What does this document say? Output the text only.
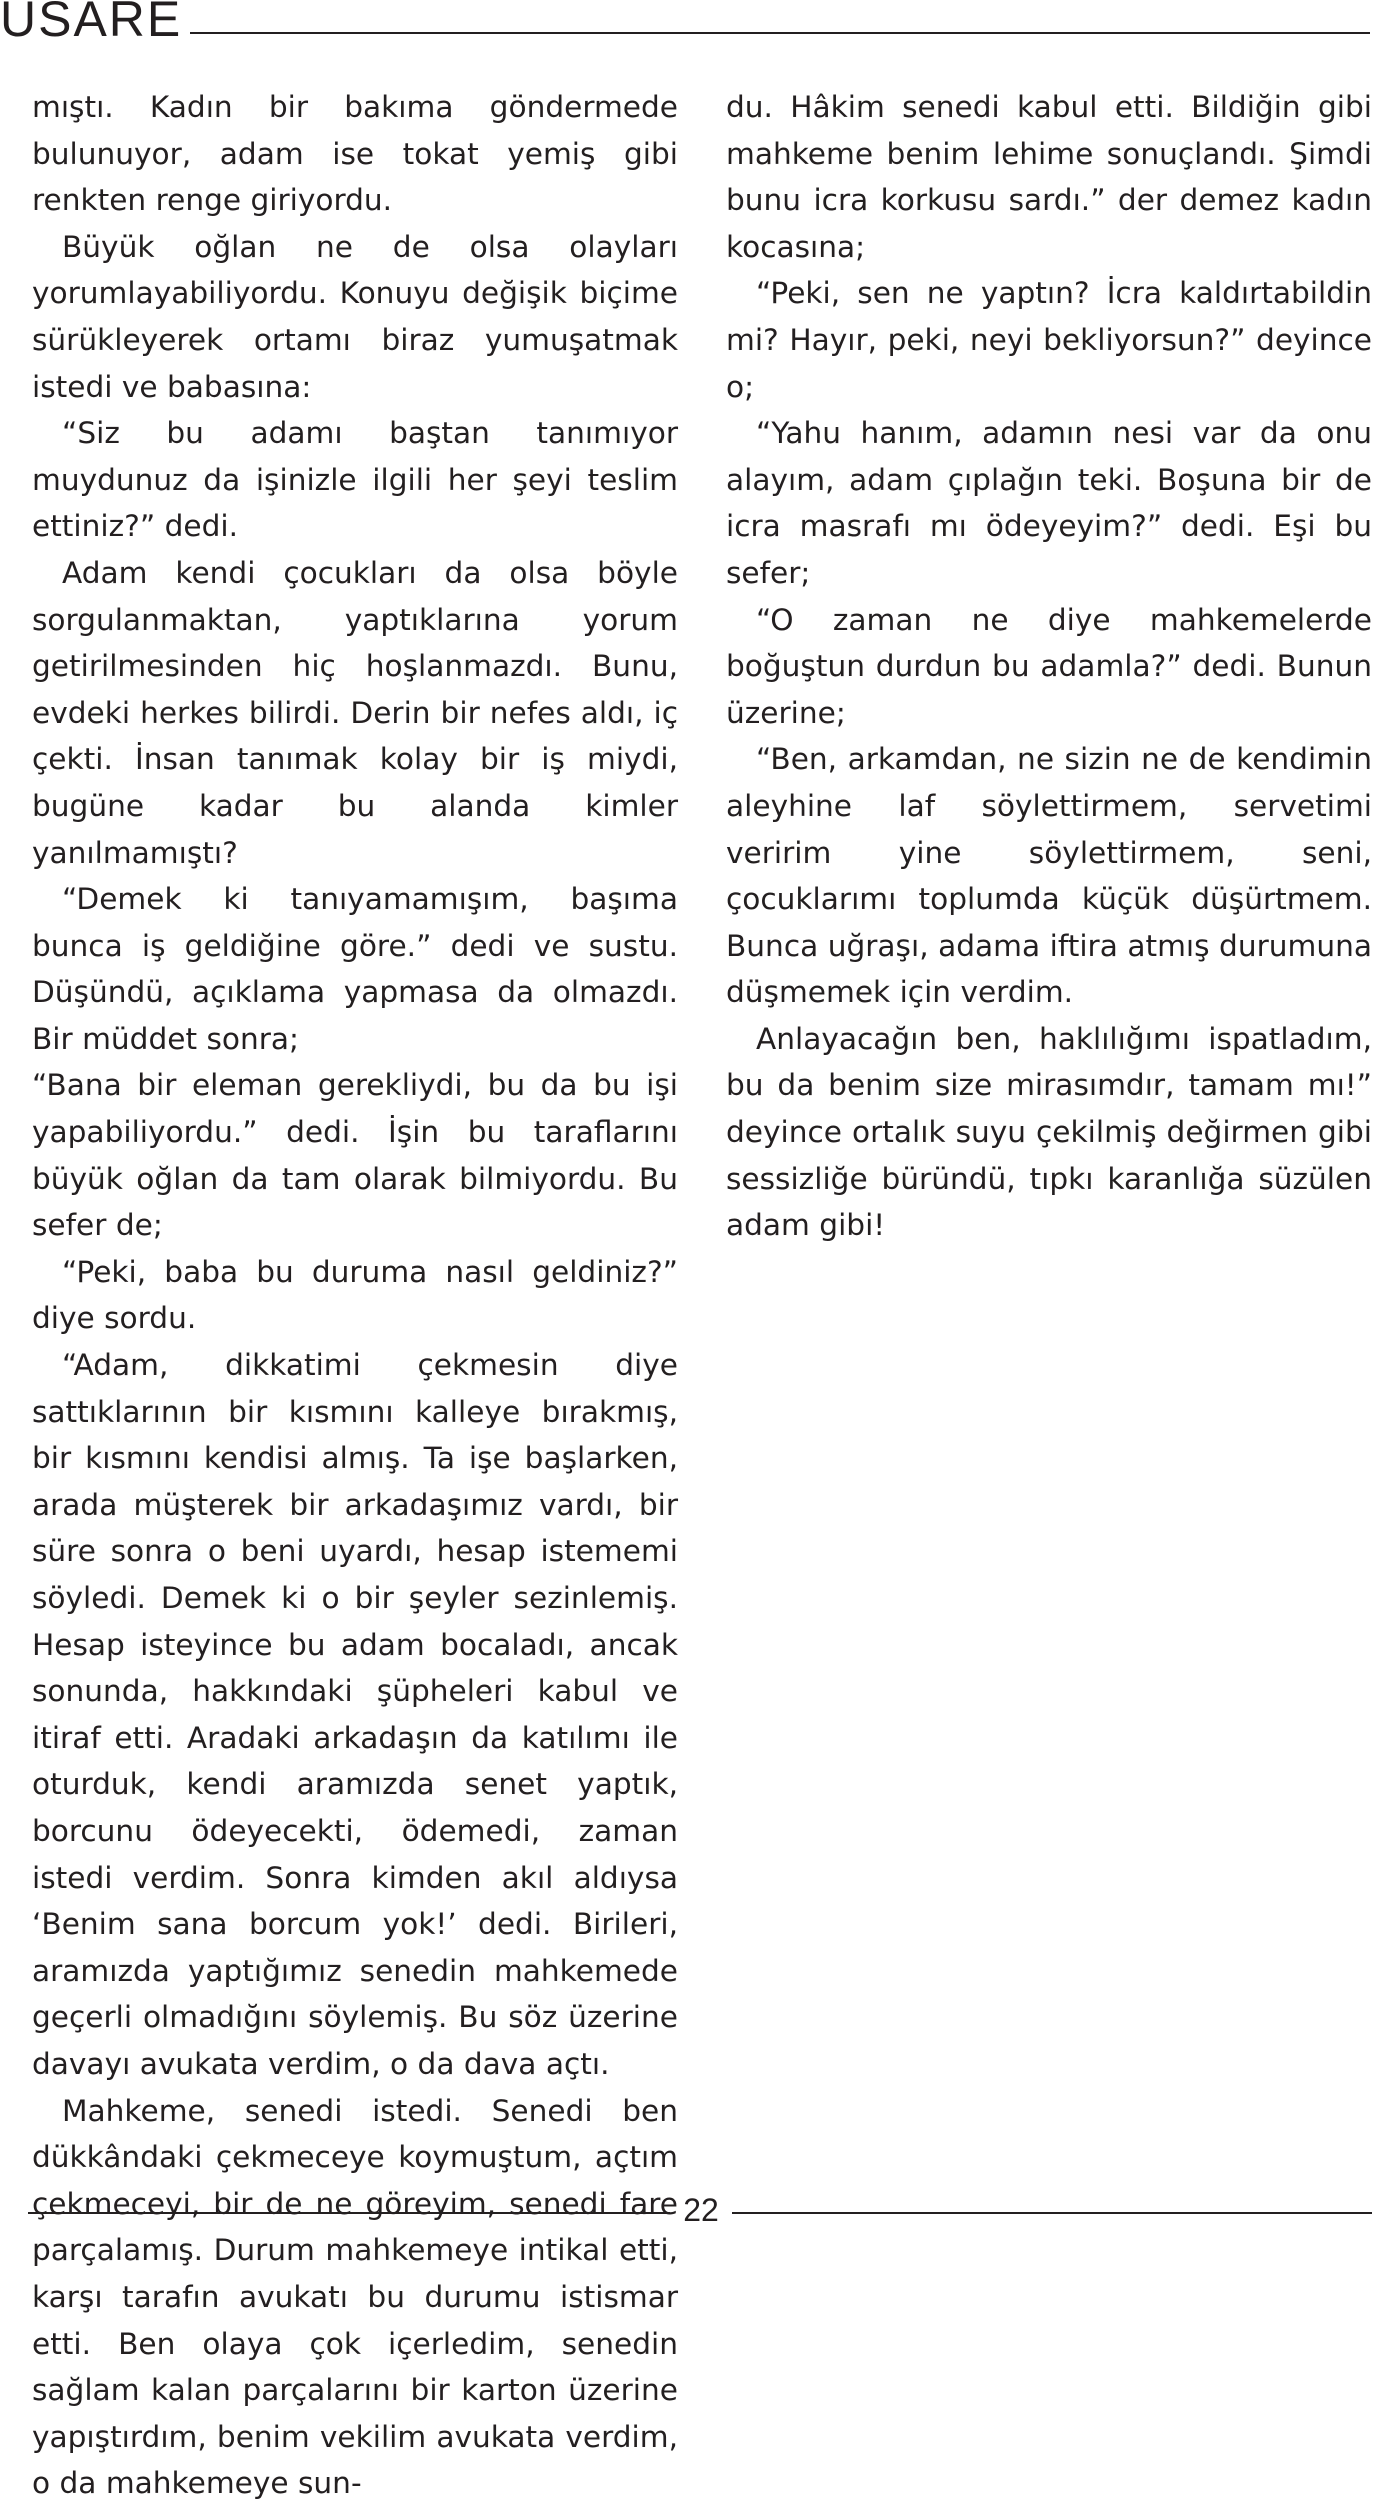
USARE

mıştı. Kadın bir bakıma göndermede bulunuyor, adam ise tokat yemiş gibi renkten renge giriyordu.

Büyük oğlan ne de olsa olayları yorumlayabiliyordu. Konuyu değişik biçime sürükleyerek ortamı biraz yumuşatmak istedi ve babasına:

“Siz bu adamı baştan tanımıyor muydunuz da işinizle ilgili her şeyi teslim ettiniz?” dedi.

Adam kendi çocukları da olsa böyle sorgulanmaktan, yaptıklarına yorum getirilmesinden hiç hoşlanmazdı. Bunu, evdeki herkes bilirdi. Derin bir nefes aldı, iç çekti. İnsan tanımak kolay bir iş miydi, bugüne kadar bu alanda kimler yanılmamıştı?

“Demek ki tanıyamamışım, başıma bunca iş geldiğine göre.” dedi ve sustu. Düşündü, açıklama yapmasa da olmazdı. Bir müddet sonra;

“Bana bir eleman gerekliydi, bu da bu işi yapabiliyordu.” dedi. İşin bu taraflarını büyük oğlan da tam olarak bilmiyordu. Bu sefer de;

“Peki, baba bu duruma nasıl geldiniz?” diye sordu.

“Adam, dikkatimi çekmesin diye sattıklarının bir kısmını kalleye bırakmış, bir kısmını kendisi almış. Ta işe başlarken, arada müşterek bir arkadaşımız vardı, bir süre sonra o beni uyardı, hesap istememi söyledi. Demek ki o bir şeyler sezinlemiş. Hesap isteyince bu adam bocaladı, ancak sonunda, hakkındaki şüpheleri kabul ve itiraf etti. Aradaki arkadaşın da katılımı ile oturduk, kendi aramızda senet yaptık, borcunu ödeyecekti, ödemedi, zaman istedi verdim. Sonra kimden akıl aldıysa ‘Benim sana borcum yok!’ dedi. Birileri, aramızda yaptığımız senedin mahkemede geçerli olmadığını söylemiş. Bu söz üzerine davayı avukata verdim, o da dava açtı.

Mahkeme, senedi istedi. Senedi ben dükkândaki çekmeceye koymuştum, açtım çekmeceyi, bir de ne göreyim, senedi fare parçalamış. Durum mahkemeye intikal etti, karşı tarafın avukatı bu durumu istismar etti. Ben olaya çok içerledim, senedin sağlam kalan parçalarını bir karton üzerine yapıştırdım, benim vekilim avukata verdim, o da mahkemeye sun-

du. Hâkim senedi kabul etti. Bildiğin gibi mahkeme benim lehime sonuçlandı. Şimdi bunu icra korkusu sardı.” der demez kadın kocasına;

“Peki, sen ne yaptın? İcra kaldırtabildin mi? Hayır, peki, neyi bekliyorsun?” deyince o;

“Yahu hanım, adamın nesi var da onu alayım, adam çıplağın teki. Boşuna bir de icra masrafı mı ödeyeyim?” dedi. Eşi bu sefer;

“O zaman ne diye mahkemelerde boğuştun durdun bu adamla?” dedi. Bunun üzerine;

“Ben, arkamdan, ne sizin ne de kendimin aleyhine laf söylettirmem, servetimi veririm yine söylettirmem, seni, çocuklarımı toplumda küçük düşürtmem. Bunca uğraşı, adama iftira atmış durumuna düşmemek için verdim.

Anlayacağın ben, haklılığımı ispatladım, bu da benim size mirasımdır, tamam mı!” deyince ortalık suyu çekilmiş değirmen gibi sessizliğe büründü, tıpkı karanlığa süzülen adam gibi!

22
